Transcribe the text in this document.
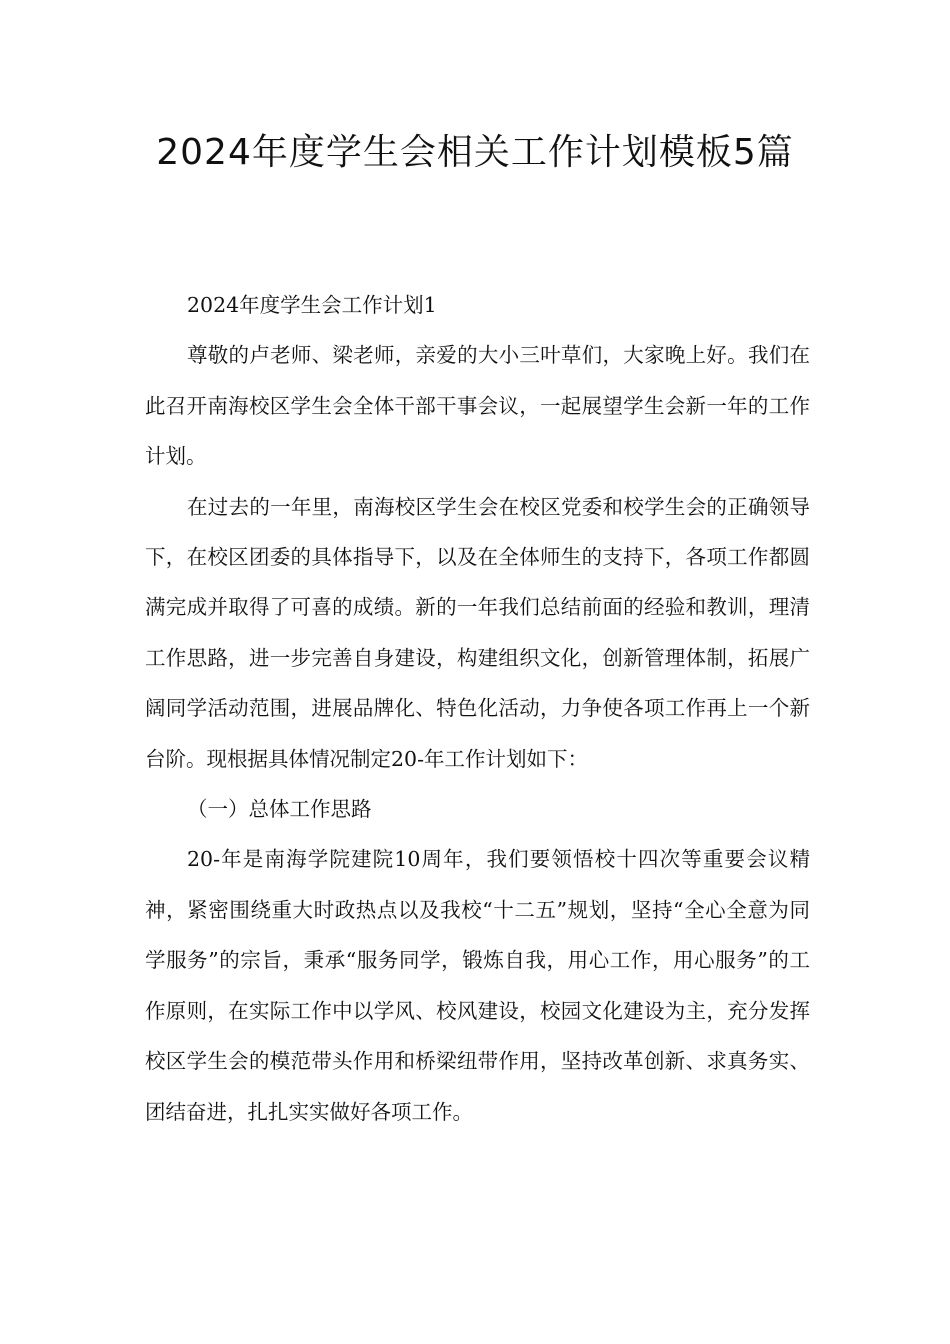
2024年度学生会相关工作计划模板5篇

2024年度学生会工作计划1

尊敬的卢老师、梁老师，亲爱的大小三叶草们，大家晚上好。我们在此召开南海校区学生会全体干部干事会议，一起展望学生会新一年的工作计划。

在过去的一年里，南海校区学生会在校区党委和校学生会的正确领导下，在校区团委的具体指导下，以及在全体师生的支持下，各项工作都圆满完成并取得了可喜的成绩。新的一年我们总结前面的经验和教训，理清工作思路，进一步完善自身建设，构建组织文化，创新管理体制，拓展广阔同学活动范围，进展品牌化、特色化活动，力争使各项工作再上一个新台阶。现根据具体情况制定20-年工作计划如下：

（一）总体工作思路

20-年是南海学院建院10周年，我们要领悟校十四次等重要会议精神，紧密围绕重大时政热点以及我校“十二五”规划，坚持“全心全意为同学服务”的宗旨，秉承“服务同学，锻炼自我，用心工作，用心服务”的工作原则，在实际工作中以学风、校风建设，校园文化建设为主，充分发挥校区学生会的模范带头作用和桥梁纽带作用，坚持改革创新、求真务实、团结奋进，扎扎实实做好各项工作。
